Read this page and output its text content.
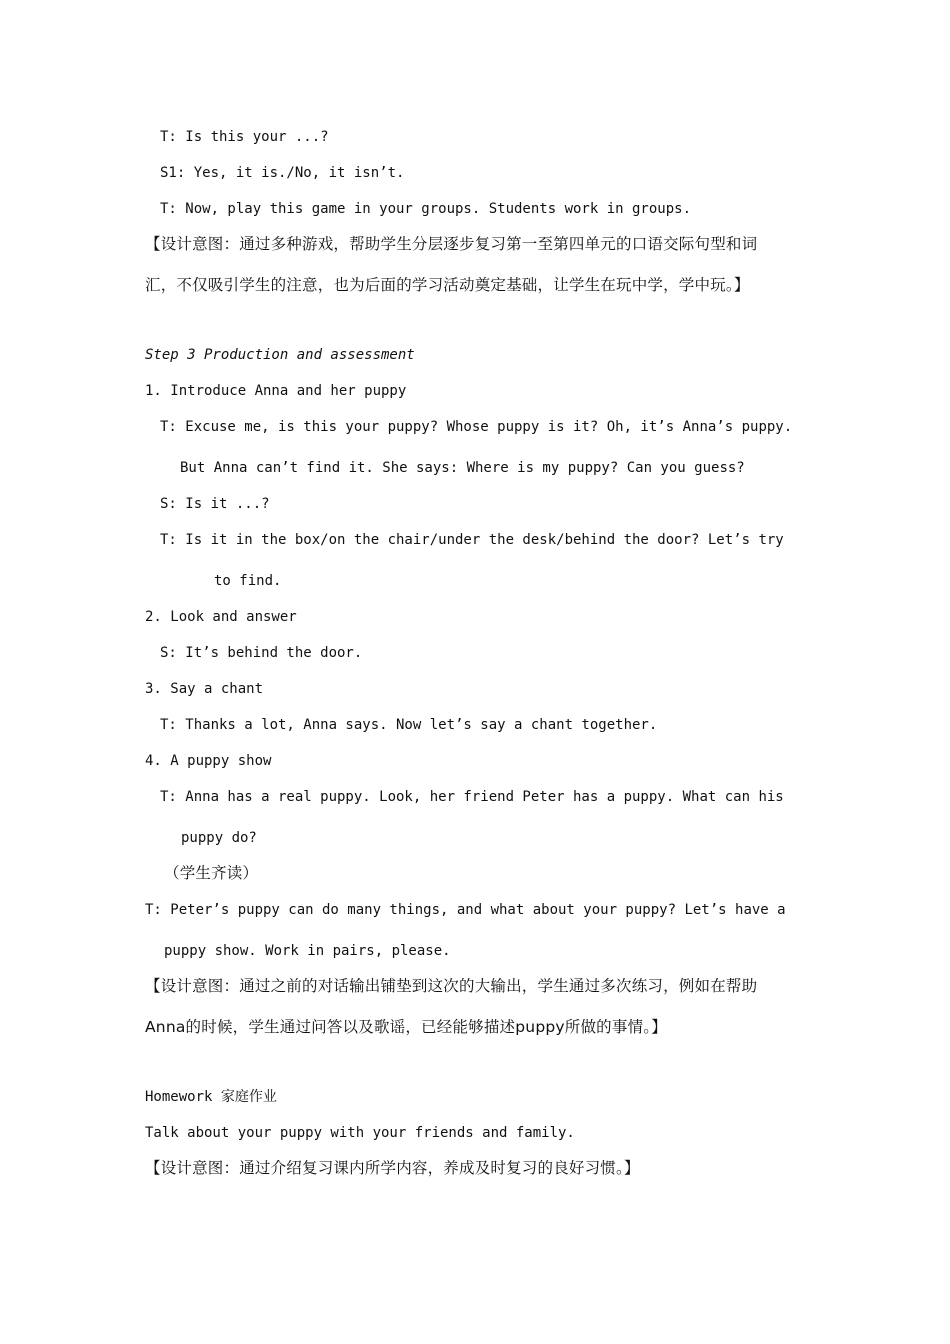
T: Is this your ...?
S1: Yes, it is./No, it isn’t.
T: Now, play this game in your groups. Students work in groups.
【设计意图：通过多种游戏，帮助学生分层逐步复习第一至第四单元的口语交际句型和词
汇，不仅吸引学生的注意，也为后面的学习活动奠定基础，让学生在玩中学，学中玩。】
Step 3 Production and assessment
1. Introduce Anna and her puppy
T: Excuse me, is this your puppy? Whose puppy is it? Oh, it’s Anna’s puppy.
But Anna can’t find it. She says: Where is my puppy? Can you guess?
S: Is it ...?
T: Is it in the box/on the chair/under the desk/behind the door? Let’s try
to find.
2. Look and answer
S: It’s behind the door.
3. Say a chant
T: Thanks a lot, Anna says. Now let’s say a chant together.
4. A puppy show
T: Anna has a real puppy. Look, her friend Peter has a puppy. What can his
puppy do?
（学生齐读）
T: Peter’s puppy can do many things, and what about your puppy? Let’s have a
puppy show. Work in pairs, please.
【设计意图：通过之前的对话输出铺垫到这次的大输出，学生通过多次练习，例如在帮助
Anna的时候，学生通过问答以及歌谣，已经能够描述puppy所做的事情。】
Homework 家庭作业
Talk about your puppy with your friends and family.
【设计意图：通过介绍复习课内所学内容，养成及时复习的良好习惯。】
